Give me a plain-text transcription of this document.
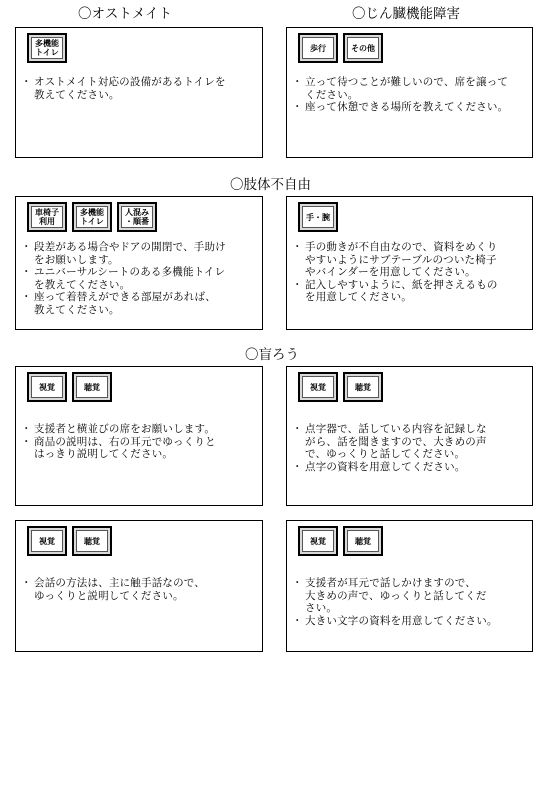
〇オストメイト	〇じん臓機能障害
〇肢体不自由
〇盲ろう
多機能
トイレ
・ オストメイト対応の設備があるトイレを
教えてください。
歩行	その他
・ 立って待つことが難しいので、席を譲って
ください。
・ 座って休憩できる場所を教えてください。
車椅子
利用
多機能
トイレ
人混み
・順番
・ 段差がある場合やドアの開閉で、手助け
をお願いします。
・ ユニバーサルシートのある多機能トイレ
を教えてください。
・ 座って着替えができる部屋があれば、
教えてください。
手・腕
・ 手の動きが不自由なので、資料をめくり
やすいようにサブテーブルのついた椅子
やバインダーを用意してください。
・ 記入しやすいように、紙を押さえるもの
を用意してください。
視覚	聴覚
・ 支援者と横並びの席をお願いします。
・ 商品の説明は、右の耳元でゆっくりと
はっきり説明してください。
視覚	聴覚
・ 点字器で、話している内容を記録しな
がら、話を聞きますので、大きめの声
で、ゆっくりと話してください。
・ 点字の資料を用意してください。
視覚	聴覚
・ 会話の方法は、主に触手話なので、
ゆっくりと説明してください。
視覚	聴覚
・ 支援者が耳元で話しかけますので、
大きめの声で、ゆっくりと話してくだ
さい。
・ 大きい文字の資料を用意してください。
